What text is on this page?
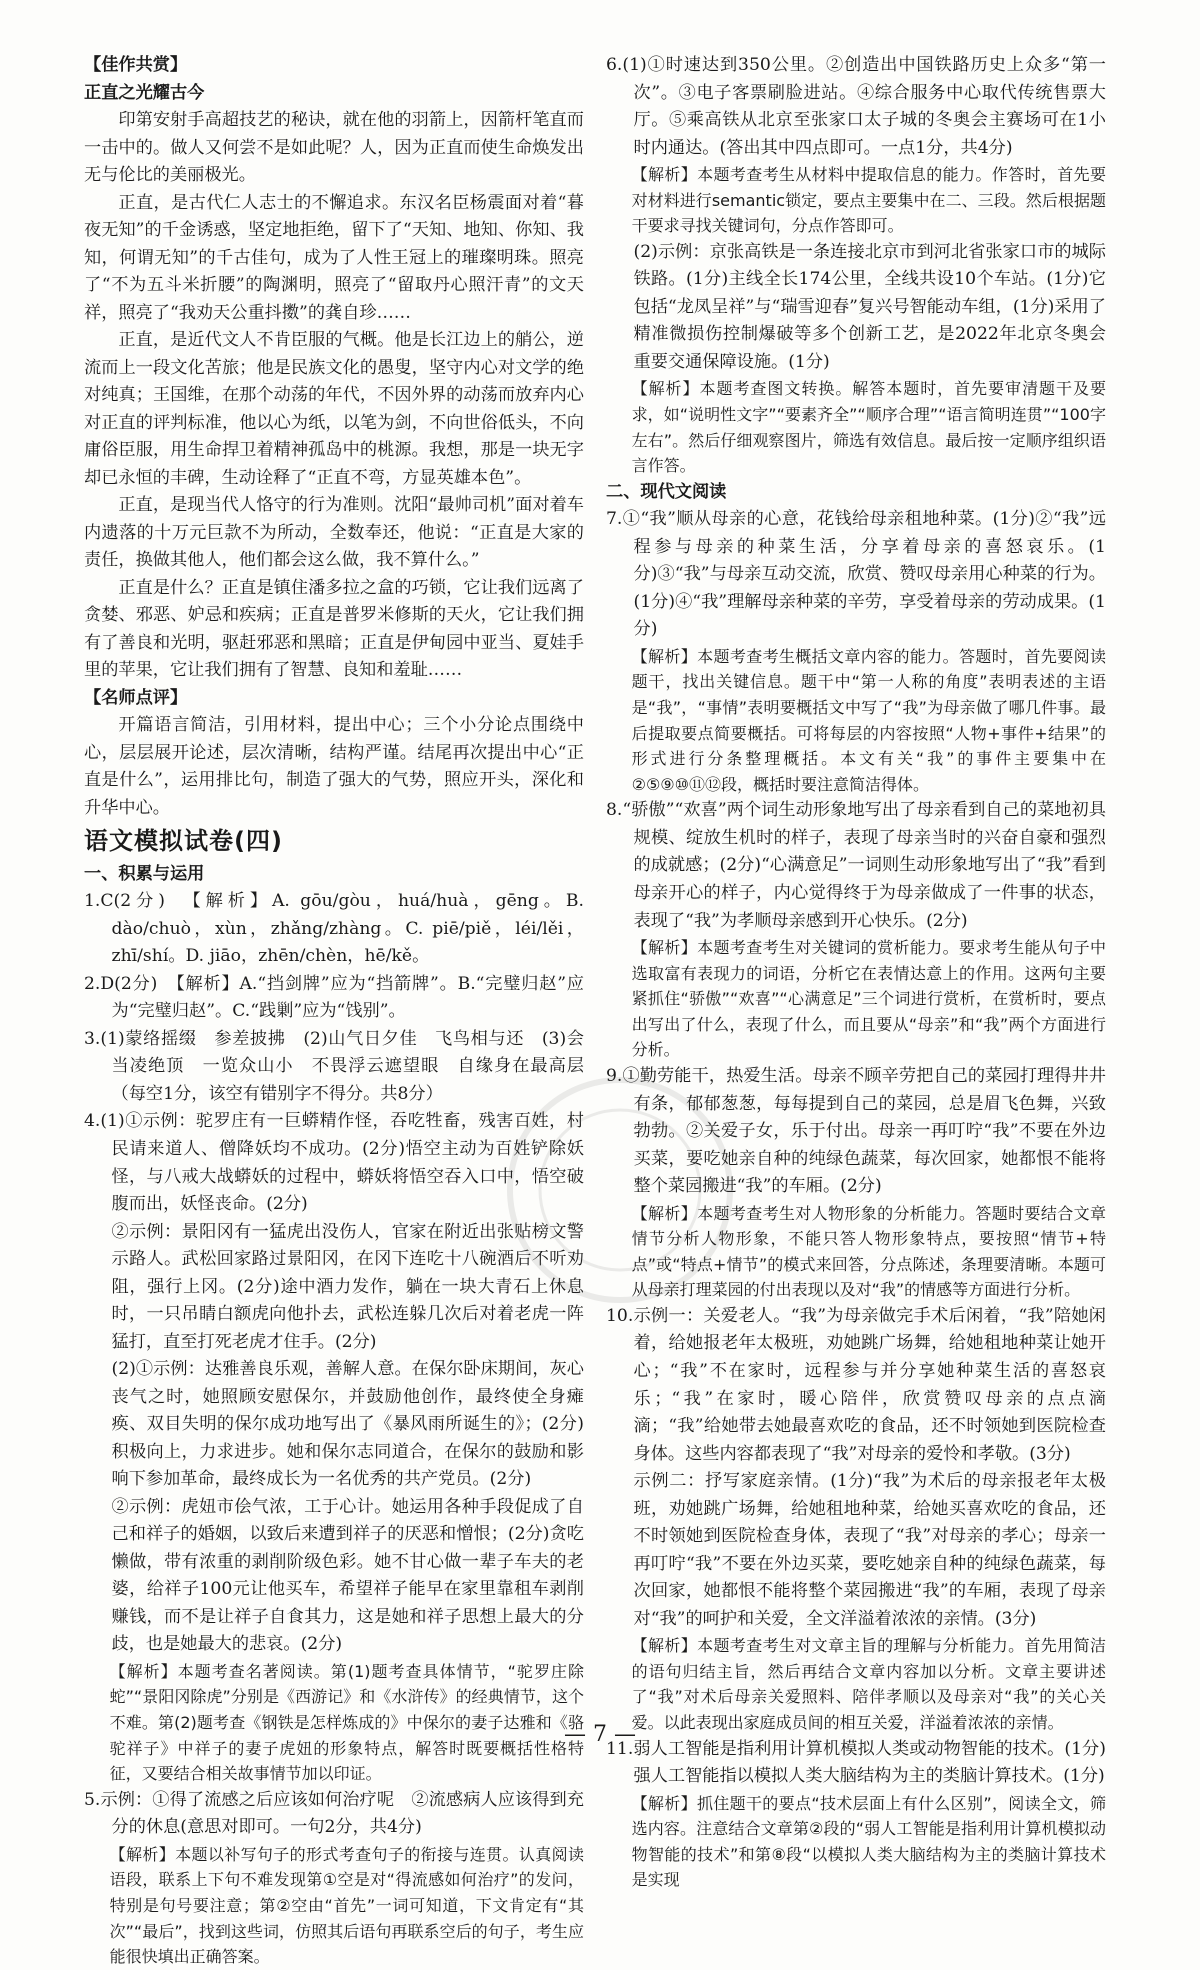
【佳作共赏】

正直之光耀古今

印第安射手高超技艺的秘诀，就在他的羽箭上，因箭杆笔直而一击中的。做人又何尝不是如此呢？人，因为正直而使生命焕发出无与伦比的美丽极光。

正直，是古代仁人志士的不懈追求。东汉名臣杨震面对着“暮夜无知”的千金诱惑，坚定地拒绝，留下了“天知、地知、你知、我知，何谓无知”的千古佳句，成为了人性王冠上的璀璨明珠。照亮了“不为五斗米折腰”的陶渊明，照亮了“留取丹心照汗青”的文天祥，照亮了“我劝天公重抖擞”的龚自珍……

正直，是近代文人不肯臣服的气概。他是长江边上的艄公，逆流而上一段文化苦旅；他是民族文化的愚叟，坚守内心对文学的绝对纯真；王国维，在那个动荡的年代，不因外界的动荡而放弃内心对正直的评判标准，他以心为纸，以笔为剑，不向世俗低头，不向庸俗臣服，用生命捍卫着精神孤岛中的桃源。我想，那是一块无字却已永恒的丰碑，生动诠释了“正直不弯，方显英雄本色”。

正直，是现当代人恪守的行为准则。沈阳“最帅司机”面对着车内遗落的十万元巨款不为所动，全数奉还，他说：“正直是大家的责任，换做其他人，他们都会这么做，我不算什么。”

正直是什么？正直是镇住潘多拉之盒的巧锁，它让我们远离了贪婪、邪恶、妒忌和疾病；正直是普罗米修斯的天火，它让我们拥有了善良和光明，驱赶邪恶和黑暗；正直是伊甸园中亚当、夏娃手里的苹果，它让我们拥有了智慧、良知和羞耻……

【名师点评】

开篇语言简洁，引用材料，提出中心；三个小分论点围绕中心，层层展开论述，层次清晰，结构严谨。结尾再次提出中心“正直是什么”，运用排比句，制造了强大的气势，照应开头，深化和升华中心。

语文模拟试卷(四)

一、积累与运用

1.C(2分)　【解析】A. gōu/gòu，huá/huà，gēng。B. dào/chuò，xùn，zhǎng/zhàng。C. piē/piě，léi/lěi，zhī/shí。D. jiāo，zhēn/chèn，hē/kě。

2.D(2分)　【解析】A.“挡剑牌”应为“挡箭牌”。B.“完璧归赵”应为“完璧归赵”。C.“践剿”应为“饯别”。

3.(1)蒙络摇缀　参差披拂　(2)山气日夕佳　飞鸟相与还　(3)会当凌绝顶　一览众山小　不畏浮云遮望眼　自缘身在最高层（每空1分，该空有错别字不得分。共8分）

4.(1)①示例：驼罗庄有一巨蟒精作怪，吞吃牲畜，残害百姓，村民请来道人、僧降妖均不成功。(2分)悟空主动为百姓铲除妖怪，与八戒大战蟒妖的过程中，蟒妖将悟空吞入口中，悟空破腹而出，妖怪丧命。(2分)

②示例：景阳冈有一猛虎出没伤人，官家在附近出张贴榜文警示路人。武松回家路过景阳冈，在冈下连吃十八碗酒后不听劝阻，强行上冈。(2分)途中酒力发作，躺在一块大青石上休息时，一只吊睛白额虎向他扑去，武松连躲几次后对着老虎一阵猛打，直至打死老虎才住手。(2分)

(2)①示例：达雅善良乐观，善解人意。在保尔卧床期间，灰心丧气之时，她照顾安慰保尔，并鼓励他创作，最终使全身瘫痪、双目失明的保尔成功地写出了《暴风雨所诞生的》；(2分)积极向上，力求进步。她和保尔志同道合，在保尔的鼓励和影响下参加革命，最终成长为一名优秀的共产党员。(2分)

②示例：虎妞市侩气浓，工于心计。她运用各种手段促成了自己和祥子的婚姻，以致后来遭到祥子的厌恶和憎恨；(2分)贪吃懒做，带有浓重的剥削阶级色彩。她不甘心做一辈子车夫的老婆，给祥子100元让他买车，希望祥子能早在家里靠租车剥削赚钱，而不是让祥子自食其力，这是她和祥子思想上最大的分歧，也是她最大的悲哀。(2分)

【解析】本题考查名著阅读。第(1)题考查具体情节，“驼罗庄除蛇”“景阳冈除虎”分别是《西游记》和《水浒传》的经典情节，这个不难。第(2)题考查《钢铁是怎样炼成的》中保尔的妻子达雅和《骆驼祥子》中祥子的妻子虎妞的形象特点，解答时既要概括性格特征，又要结合相关故事情节加以印证。

5.示例：①得了流感之后应该如何治疗呢　②流感病人应该得到充分的休息(意思对即可。一句2分，共4分)

【解析】本题以补写句子的形式考查句子的衔接与连贯。认真阅读语段，联系上下句不难发现第①空是对“得流感如何治疗”的发问，特别是句号要注意；第②空由“首先”一词可知道，下文肯定有“其次”“最后”，找到这些词，仿照其后语句再联系空后的句子，考生应能很快填出正确答案。

6.(1)①时速达到350公里。②创造出中国铁路历史上众多“第一次”。③电子客票刷脸进站。④综合服务中心取代传统售票大厅。⑤乘高铁从北京至张家口太子城的冬奥会主赛场可在1小时内通达。(答出其中四点即可。一点1分，共4分)

【解析】本题考查考生从材料中提取信息的能力。作答时，首先要对材料进行semantic锁定，要点主要集中在二、三段。然后根据题干要求寻找关键词句，分点作答即可。

(2)示例：京张高铁是一条连接北京市到河北省张家口市的城际铁路。(1分)主线全长174公里，全线共设10个车站。(1分)它包括“龙凤呈祥”与“瑞雪迎春”复兴号智能动车组，(1分)采用了精准微损伤控制爆破等多个创新工艺，是2022年北京冬奥会重要交通保障设施。(1分)

【解析】本题考查图文转换。解答本题时，首先要审清题干及要求，如“说明性文字”“要素齐全”“顺序合理”“语言简明连贯”“100字左右”。然后仔细观察图片，筛选有效信息。最后按一定顺序组织语言作答。

二、现代文阅读

7.①“我”顺从母亲的心意，花钱给母亲租地种菜。(1分)②“我”远程参与母亲的种菜生活，分享着母亲的喜怒哀乐。(1分)③“我”与母亲互动交流，欣赏、赞叹母亲用心种菜的行为。(1分)④“我”理解母亲种菜的辛劳，享受着母亲的劳动成果。(1分)

【解析】本题考查考生概括文章内容的能力。答题时，首先要阅读题干，找出关键信息。题干中“第一人称的角度”表明表述的主语是“我”，“事情”表明要概括文中写了“我”为母亲做了哪几件事。最后提取要点简要概括。可将每层的内容按照“人物+事件+结果”的形式进行分条整理概括。本文有关“我”的事件主要集中在②⑤⑨⑩⑪⑫段，概括时要注意简洁得体。

8.“骄傲”“欢喜”两个词生动形象地写出了母亲看到自己的菜地初具规模、绽放生机时的样子，表现了母亲当时的兴奋自豪和强烈的成就感；(2分)“心满意足”一词则生动形象地写出了“我”看到母亲开心的样子，内心觉得终于为母亲做成了一件事的状态，表现了“我”为孝顺母亲感到开心快乐。(2分)

【解析】本题考查考生对关键词的赏析能力。要求考生能从句子中选取富有表现力的词语，分析它在表情达意上的作用。这两句主要紧抓住“骄傲”“欢喜”“心满意足”三个词进行赏析，在赏析时，要点出写出了什么，表现了什么，而且要从“母亲”和“我”两个方面进行分析。

9.①勤劳能干，热爱生活。母亲不顾辛劳把自己的菜园打理得井井有条，郁郁葱葱，每每提到自己的菜园，总是眉飞色舞，兴致勃勃。②关爱子女，乐于付出。母亲一再叮咛“我”不要在外边买菜，要吃她亲自种的纯绿色蔬菜，每次回家，她都恨不能将整个菜园搬进“我”的车厢。(2分)

【解析】本题考查考生对人物形象的分析能力。答题时要结合文章情节分析人物形象，不能只答人物形象特点，要按照“情节+特点”或“特点+情节”的模式来回答，分点陈述，条理要清晰。本题可从母亲打理菜园的付出表现以及对“我”的情感等方面进行分析。

10.示例一：关爱老人。“我”为母亲做完手术后闲着，“我”陪她闲着，给她报老年太极班，劝她跳广场舞，给她租地种菜让她开心；“我”不在家时，远程参与并分享她种菜生活的喜怒哀乐；“我”在家时，暖心陪伴，欣赏赞叹母亲的点点滴滴；“我”给她带去她最喜欢吃的食品，还不时领她到医院检查身体。这些内容都表现了“我”对母亲的爱怜和孝敬。(3分)

示例二：抒写家庭亲情。(1分)“我”为术后的母亲报老年太极班，劝她跳广场舞，给她租地种菜，给她买喜欢吃的食品，还不时领她到医院检查身体，表现了“我”对母亲的孝心；母亲一再叮咛“我”不要在外边买菜，要吃她亲自种的纯绿色蔬菜，每次回家，她都恨不能将整个菜园搬进“我”的车厢，表现了母亲对“我”的呵护和关爱，全文洋溢着浓浓的亲情。(3分)

【解析】本题考查考生对文章主旨的理解与分析能力。首先用简洁的语句归结主旨，然后再结合文章内容加以分析。文章主要讲述了“我”对术后母亲关爱照料、陪伴孝顺以及母亲对“我”的关心关爱。以此表现出家庭成员间的相互关爱，洋溢着浓浓的亲情。

11.弱人工智能是指利用计算机模拟人类或动物智能的技术。(1分)强人工智能指以模拟人类大脑结构为主的类脑计算技术。(1分)

【解析】抓住题干的要点“技术层面上有什么区别”，阅读全文，筛选内容。注意结合文章第②段的“弱人工智能是指利用计算机模拟动物智能的技术”和第⑧段“以模拟人类大脑结构为主的类脑计算技术是实现

— 7 —
